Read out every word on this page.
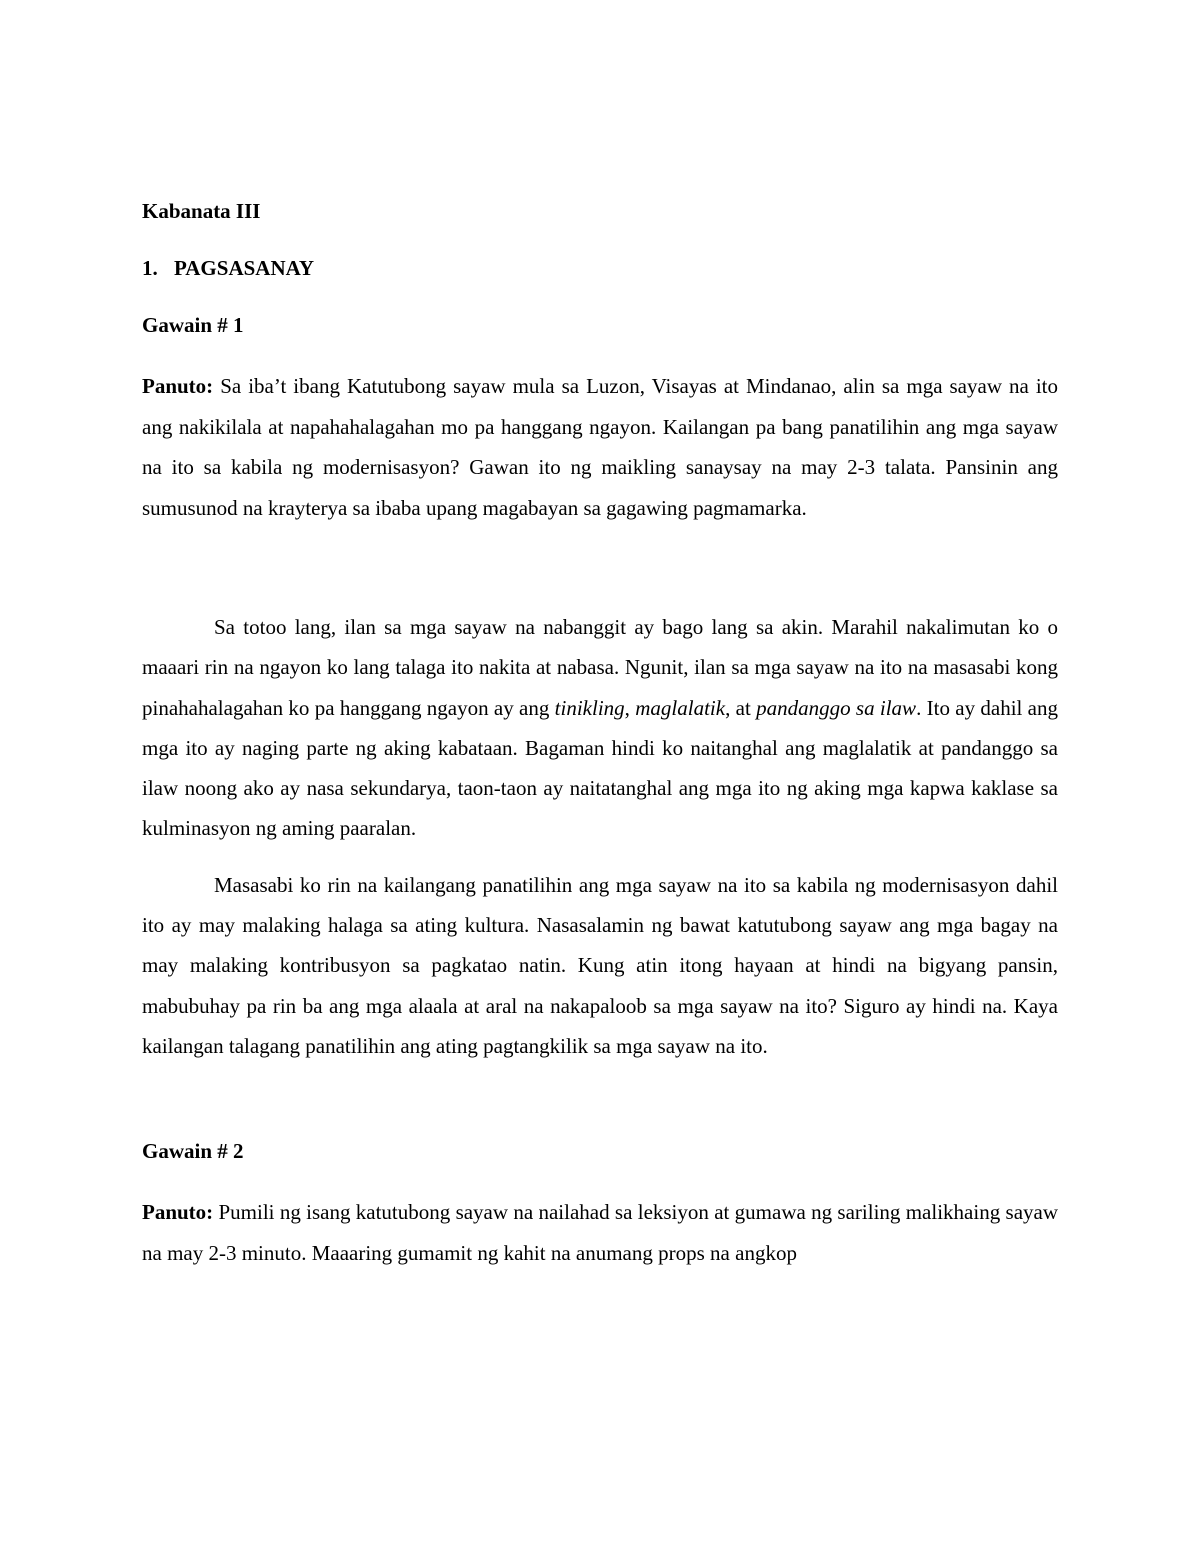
Kabanata III

1. PAGSASANAY

Gawain # 1

Panuto: Sa iba’t ibang Katutubong sayaw mula sa Luzon, Visayas at Mindanao, alin sa mga sayaw na ito ang nakikilala at napahahalagahan mo pa hanggang ngayon. Kailangan pa bang panatilihin ang mga sayaw na ito sa kabila ng modernisasyon? Gawan ito ng maikling sanaysay na may 2-3 talata. Pansinin ang sumusunod na krayterya sa ibaba upang magabayan sa gagawing pagmamarka.

Sa totoo lang, ilan sa mga sayaw na nabanggit ay bago lang sa akin. Marahil nakalimutan ko o maaari rin na ngayon ko lang talaga ito nakita at nabasa. Ngunit, ilan sa mga sayaw na ito na masasabi kong pinahahalagahan ko pa hanggang ngayon ay ang tinikling, maglalatik, at pandanggo sa ilaw. Ito ay dahil ang mga ito ay naging parte ng aking kabataan. Bagaman hindi ko naitanghal ang maglalatik at pandanggo sa ilaw noong ako ay nasa sekundarya, taon-taon ay naitatanghal ang mga ito ng aking mga kapwa kaklase sa kulminasyon ng aming paaralan.

Masasabi ko rin na kailangang panatilihin ang mga sayaw na ito sa kabila ng modernisasyon dahil ito ay may malaking halaga sa ating kultura. Nasasalamin ng bawat katutubong sayaw ang mga bagay na may malaking kontribusyon sa pagkatao natin. Kung atin itong hayaan at hindi na bigyang pansin, mabubuhay pa rin ba ang mga alaala at aral na nakapaloob sa mga sayaw na ito? Siguro ay hindi na. Kaya kailangan talagang panatilihin ang ating pagtangkilik sa mga sayaw na ito.

Gawain # 2

Panuto: Pumili ng isang katutubong sayaw na nailahad sa leksiyon at gumawa ng sariling malikhaing sayaw na may 2-3 minuto. Maaaring gumamit ng kahit na anumang props na angkop
